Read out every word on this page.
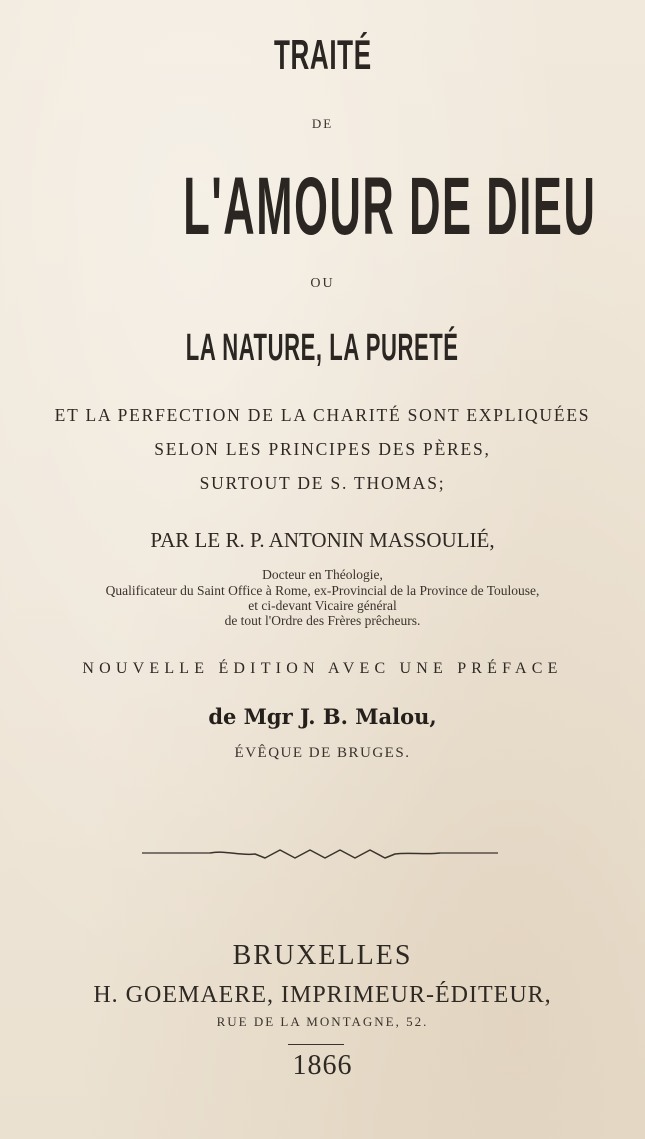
TRAITÉ
DE
L'AMOUR DE DIEU
OU
LA NATURE, LA PURETÉ
ET LA PERFECTION DE LA CHARITÉ SONT EXPLIQUÉES
SELON LES PRINCIPES DES PÈRES,
SURTOUT DE S. THOMAS;
PAR LE R. P. ANTONIN MASSOULIÉ,
Docteur en Théologie,
Qualificateur du Saint Office à Rome, ex-Provincial de la Province de Toulouse,
et ci-devant Vicaire général
de tout l'Ordre des Frères prêcheurs.
NOUVELLE ÉDITION AVEC UNE PRÉFACE
de Mgr J. B. Malou,
ÉVÊQUE DE BRUGES.
BRUXELLES
H. GOEMAERE, IMPRIMEUR-ÉDITEUR,
RUE DE LA MONTAGNE, 52.
1866
